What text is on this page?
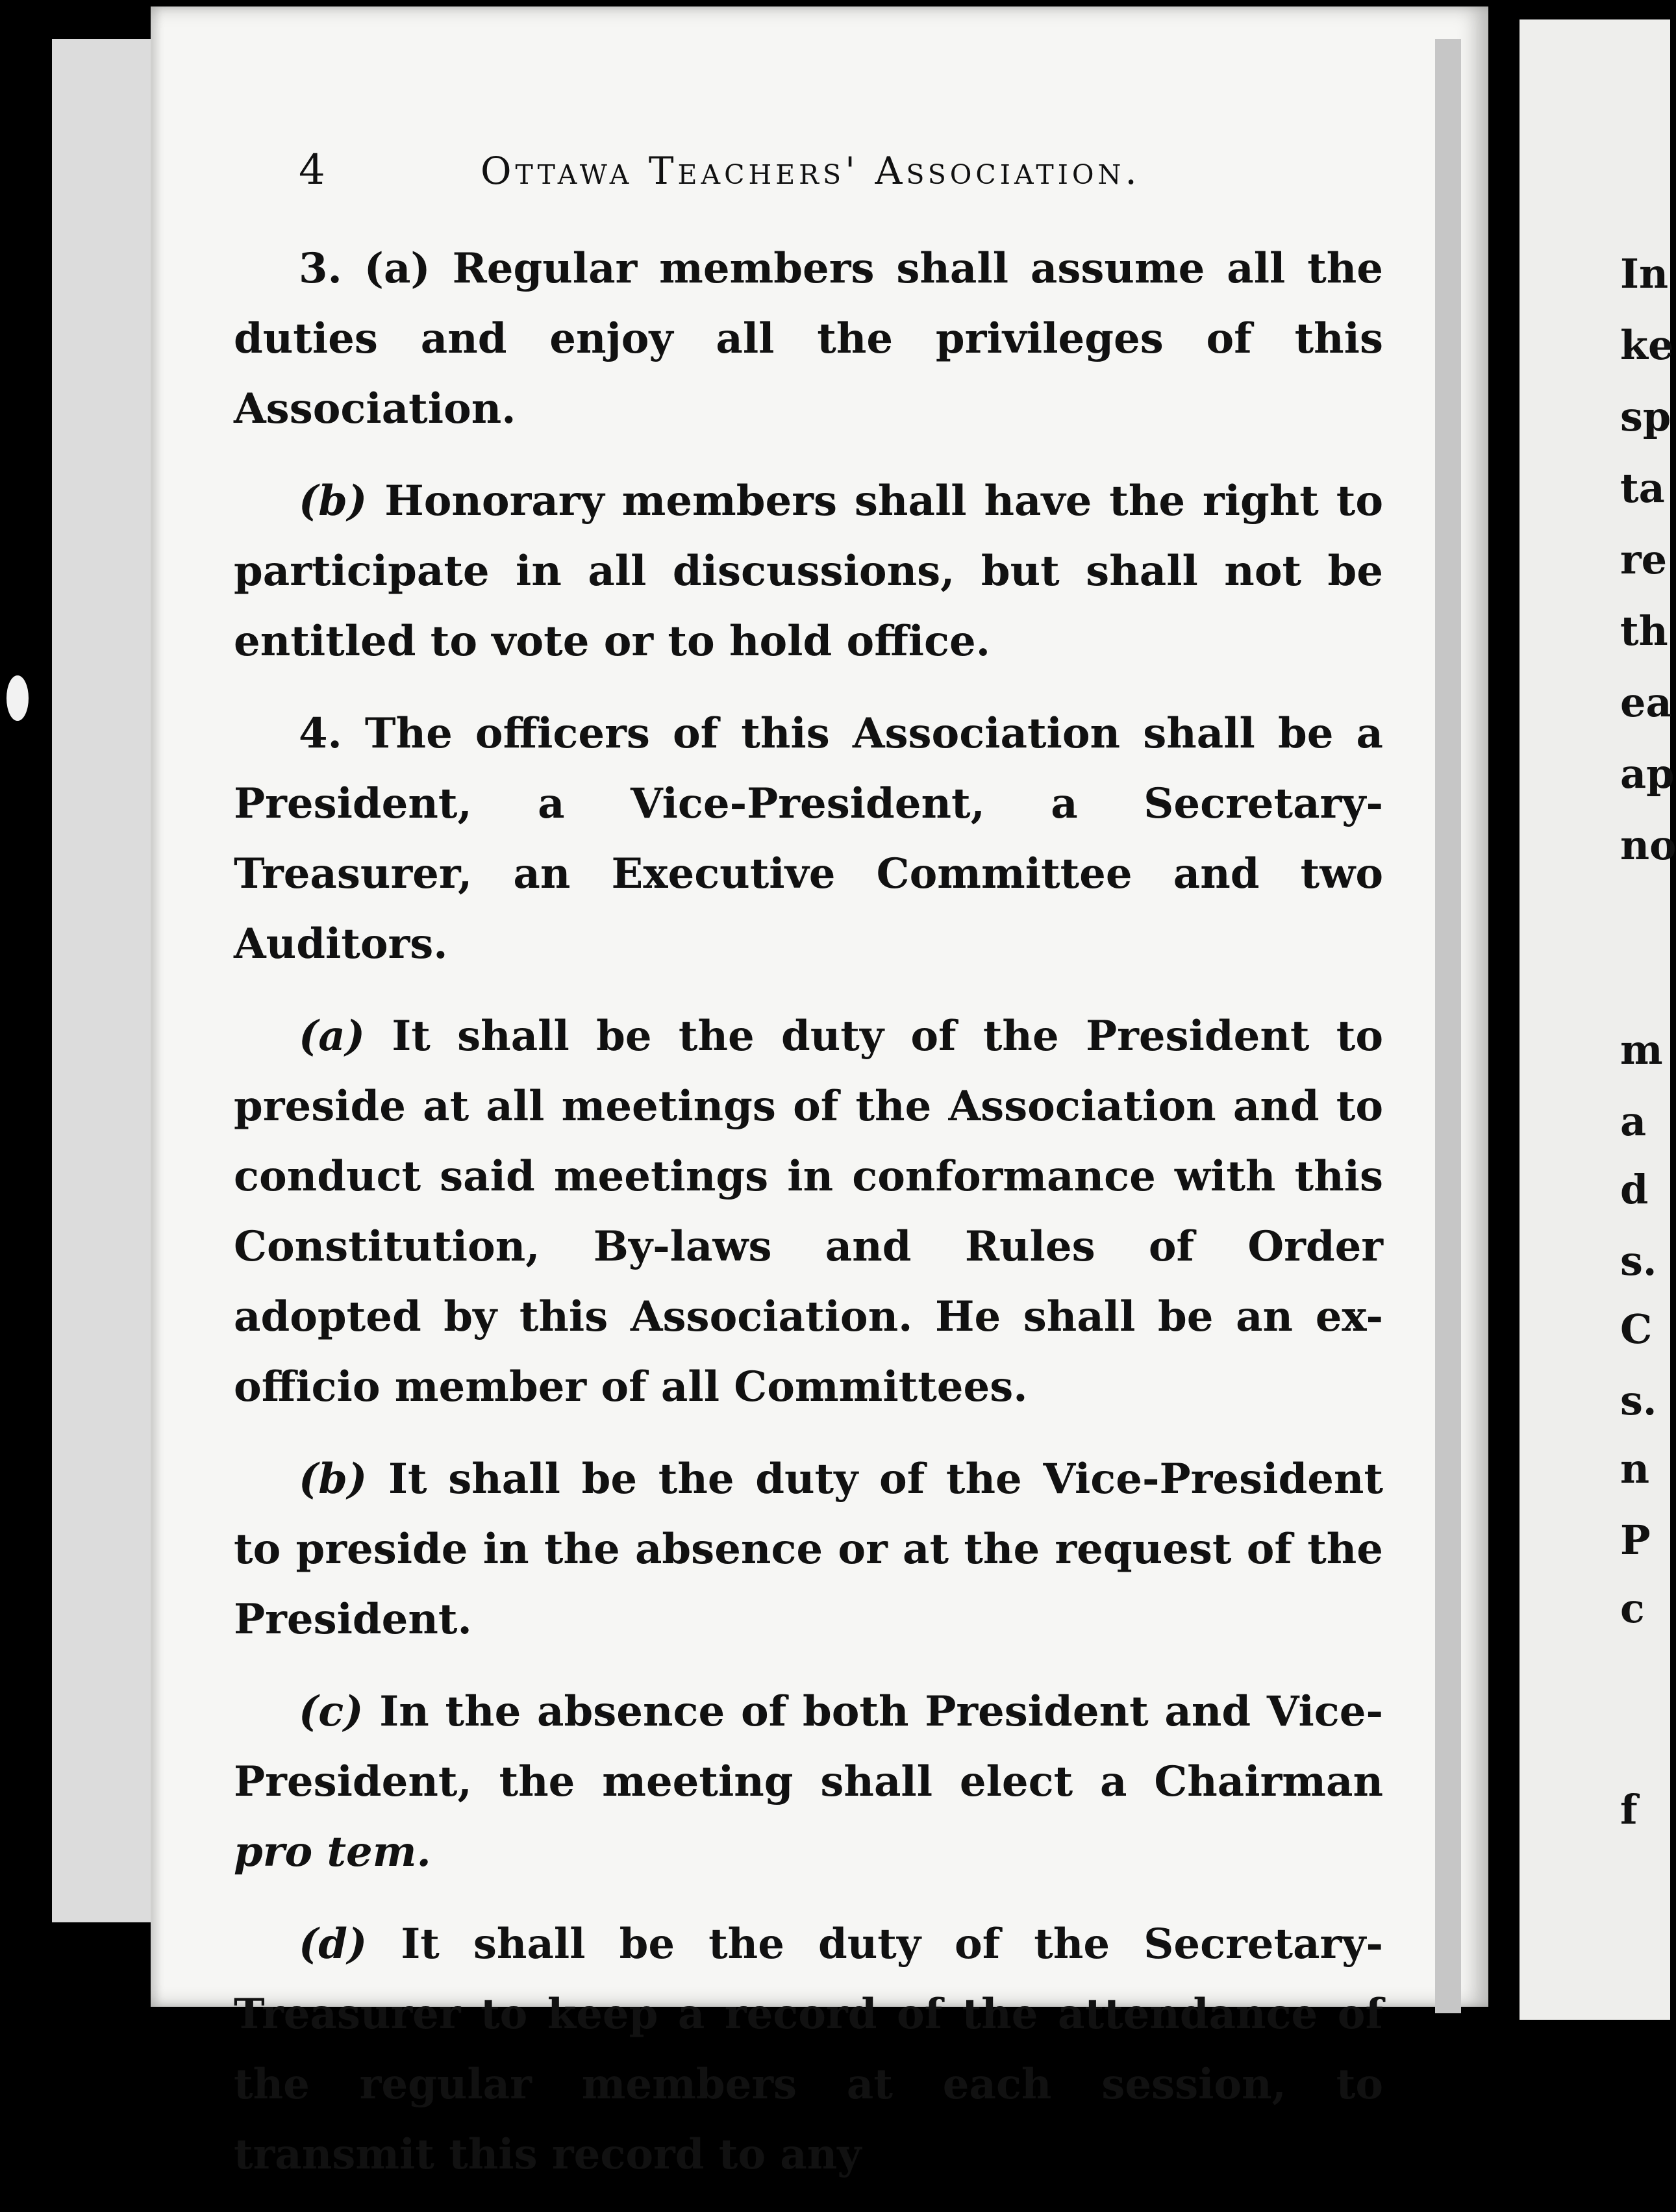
4	Ottawa Teachers' Association.

3. (a) Regular members shall assume all the duties and enjoy all the privileges of this Association.

(b) Honorary members shall have the right to participate in all discussions, but shall not be entitled to vote or to hold office.

4. The officers of this Association shall be a President, a Vice-President, a Secretary-Treasurer, an Executive Committee and two Auditors.

(a) It shall be the duty of the President to preside at all meetings of the Association and to conduct said meetings in conformance with this Constitution, By-laws and Rules of Order adopted by this Association. He shall be an ex-officio member of all Committees.

(b) It shall be the duty of the Vice-President to preside in the absence or at the request of the President.

(c) In the absence of both President and Vice-President, the meeting shall elect a Chairman pro tem.

(d) It shall be the duty of the Secretary-Treasurer to keep a record of the attendance of the regular members at each session, to transmit this record to any

In
ke
sp
ta
re
th
ea
ap
no
m
a
d
s.
C
s.
n
P
c
f
